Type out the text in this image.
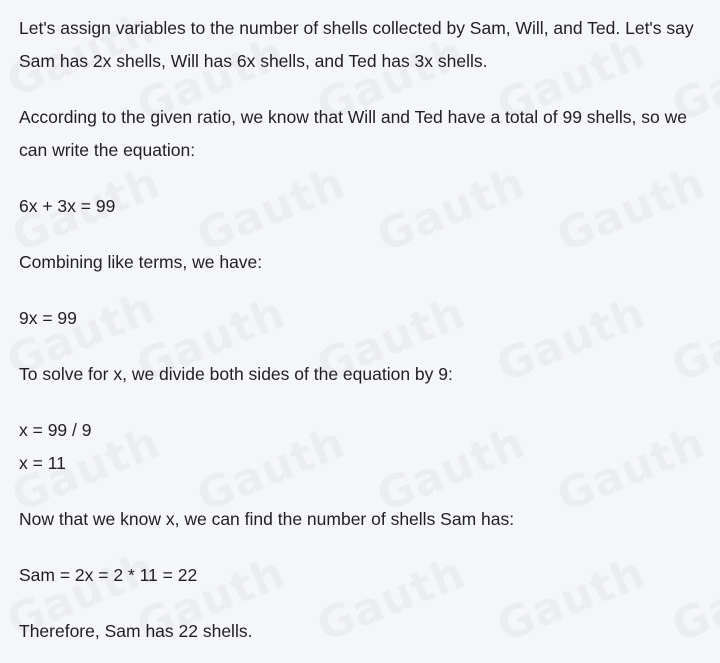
Let's assign variables to the number of shells collected by Sam, Will, and Ted. Let's say Sam has 2x shells, Will has 6x shells, and Ted has 3x shells.

According to the given ratio, we know that Will and Ted have a total of 99 shells, so we can write the equation:

6x + 3x = 99

Combining like terms, we have:

9x = 99

To solve for x, we divide both sides of the equation by 9:

x = 99 / 9

x = 11

Now that we know x, we can find the number of shells Sam has:

Sam = 2x = 2 * 11 = 22

Therefore, Sam has 22 shells.
